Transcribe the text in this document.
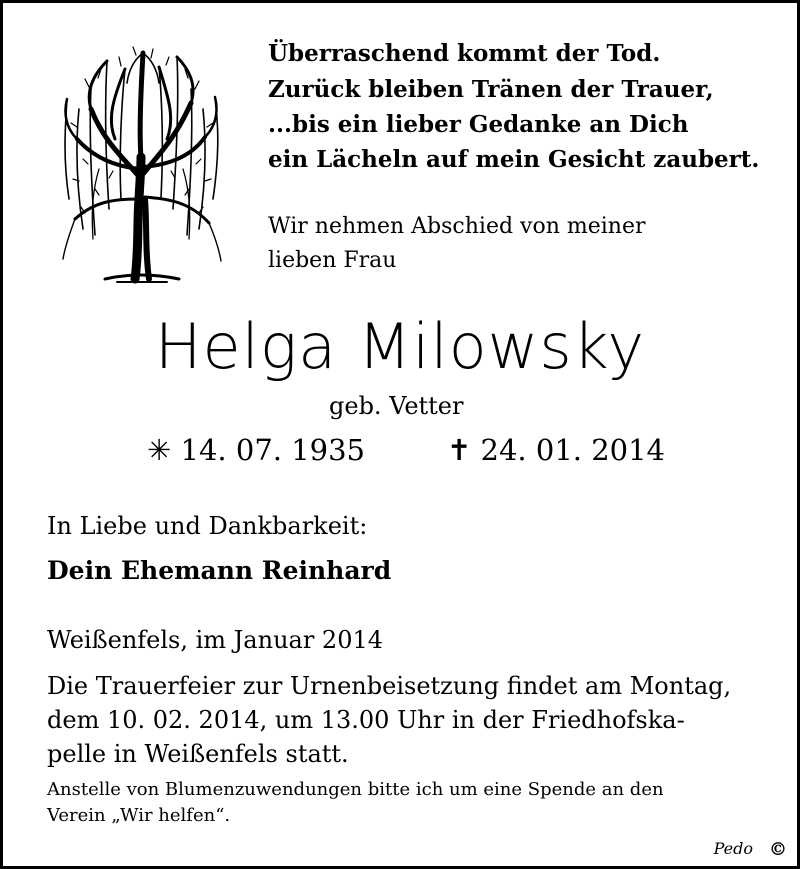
Überraschend kommt der Tod.
Zurück bleiben Tränen der Trauer,
...bis ein lieber Gedanke an Dich
ein Lächeln auf mein Gesicht zaubert.
Wir nehmen Abschied von meiner
lieben Frau
Helga Milowsky
geb. Vetter
✳ 14. 07. 1935	✝ 24. 01. 2014
In Liebe und Dankbarkeit:
Dein Ehemann Reinhard
Weißenfels, im Januar 2014
Die Trauerfeier zur Urnenbeisetzung findet am Montag,
dem 10. 02. 2014, um 13.00 Uhr in der Friedhofska-
pelle in Weißenfels statt.
Anstelle von Blumenzuwendungen bitte ich um eine Spende an den
Verein „Wir helfen“.
Pedo ©
